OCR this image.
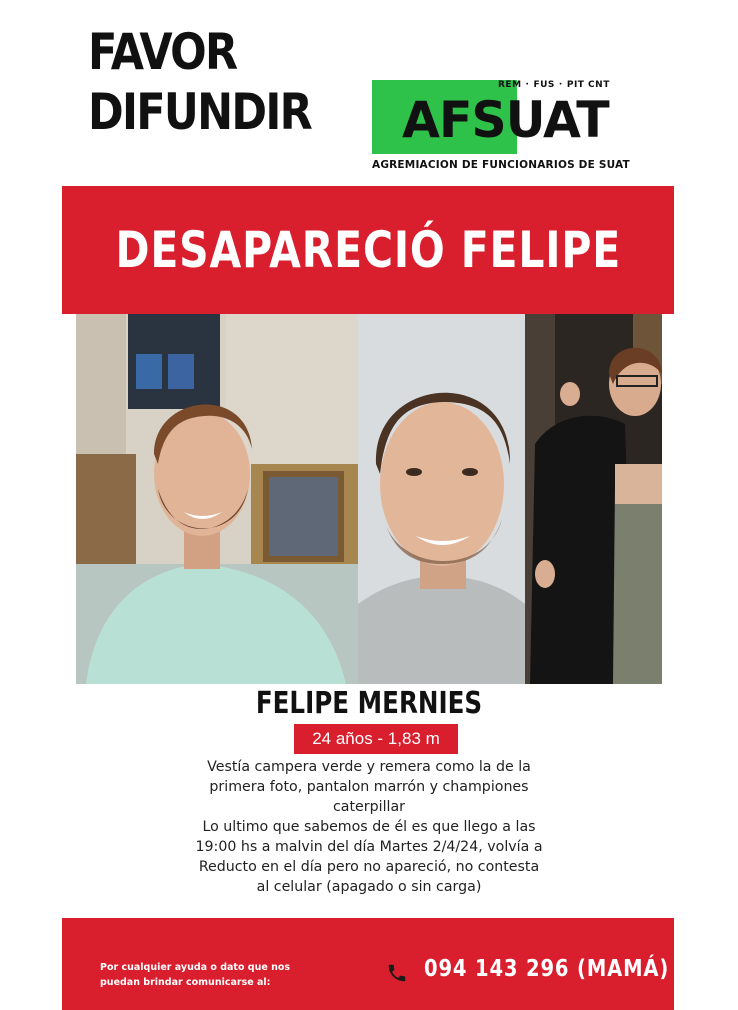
FAVOR
DIFUNDIR	REM · FUS · PIT CNT
AFSUAT
AGREMIACION DE FUNCIONARIOS DE SUAT
DESAPARECIÓ FELIPE
FELIPE MERNIES
24 años - 1,83 m

Vestía campera verde y remera como la de la

primera foto, pantalon marrón y championes

caterpillar

Lo ultimo que sabemos de él es que llego a las

19:00 hs a malvin del día Martes 2/4/24, volvía a

Reducto en el día pero no apareció, no contesta

al celular (apagado o sin carga)

Por cualquier ayuda o dato que nos
puedan brindar comunicarse al:
094 143 296 (MAMÁ)
